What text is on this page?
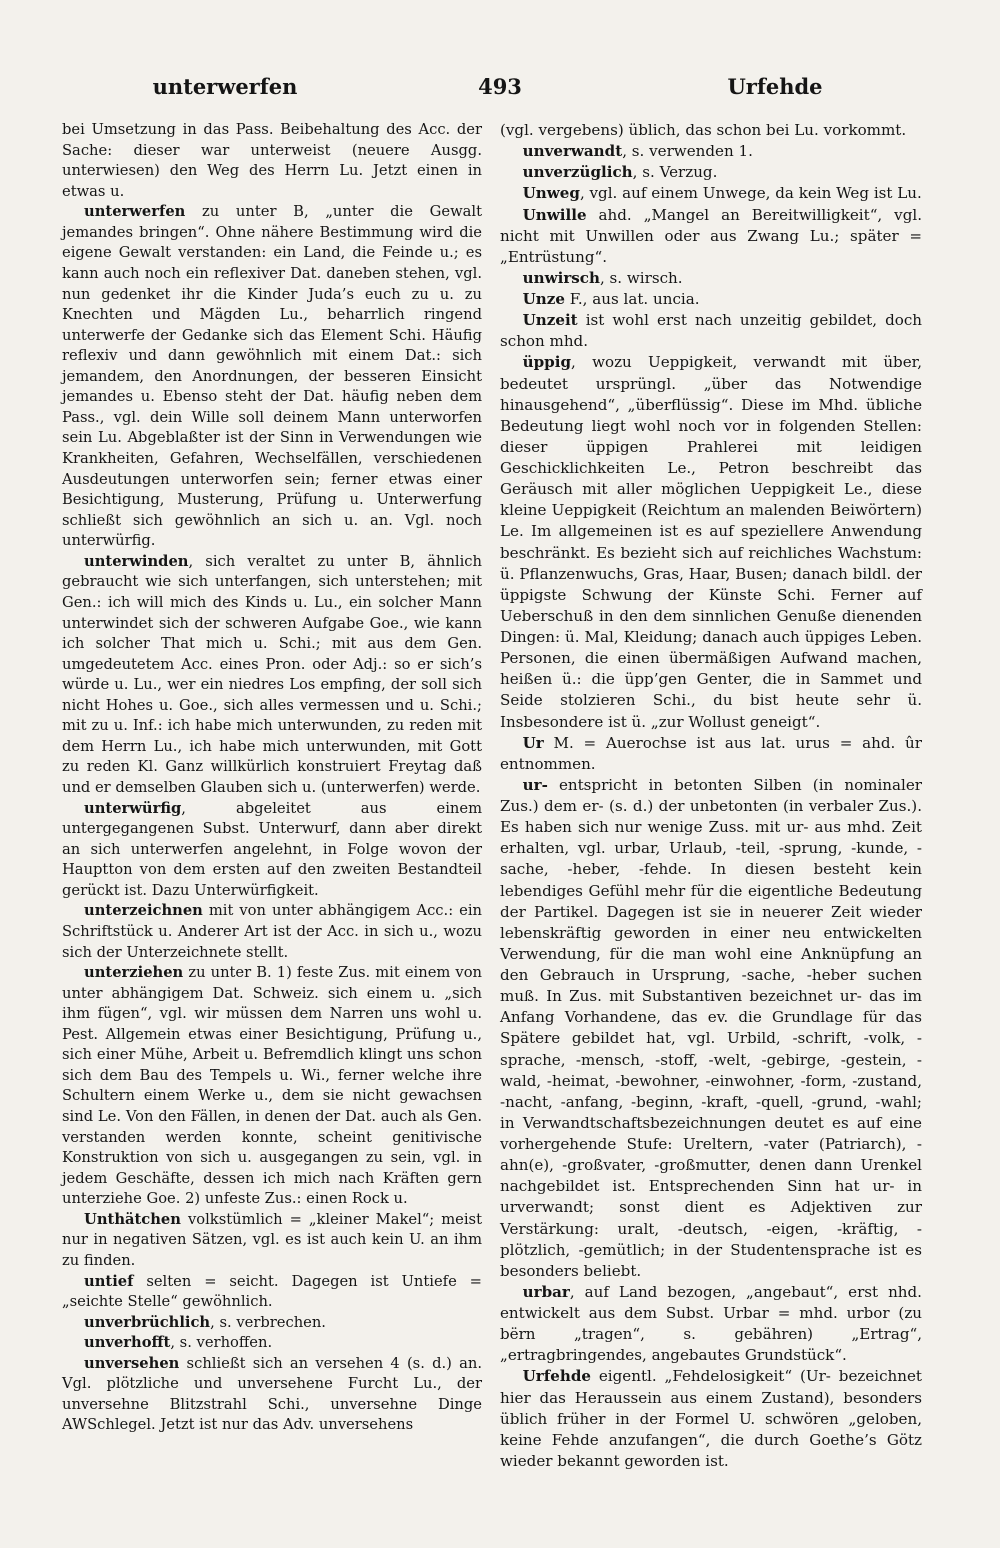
unterwerfen	493	Urfehde

bei Umsetzung in das Pass. Beibehaltung des Acc. der Sache: dieser war unterweist (neuere Ausgg. unterwiesen) den Weg des Herrn Lu. Jetzt einen in etwas u.

unterwerfen zu unter B, „unter die Gewalt jemandes bringen“. Ohne nähere Bestimmung wird die eigene Gewalt verstanden: ein Land, die Feinde u.; es kann auch noch ein reflexiver Dat. daneben stehen, vgl. nun gedenket ihr die Kinder Juda’s euch zu u. zu Knechten und Mägden Lu., beharrlich ringend unterwerfe der Gedanke sich das Element Schi. Häufig reflexiv und dann gewöhnlich mit einem Dat.: sich jemandem, den Anordnungen, der besseren Einsicht jemandes u. Ebenso steht der Dat. häufig neben dem Pass., vgl. dein Wille soll deinem Mann unterworfen sein Lu. Abgeblaßter ist der Sinn in Verwendungen wie Krankheiten, Gefahren, Wechselfällen, verschiedenen Ausdeutungen unterworfen sein; ferner etwas einer Besichtigung, Musterung, Prüfung u. Unterwerfung schließt sich gewöhnlich an sich u. an. Vgl. noch unterwürfig.

unterwinden, sich veraltet zu unter B, ähnlich gebraucht wie sich unterfangen, sich unterstehen; mit Gen.: ich will mich des Kinds u. Lu., ein solcher Mann unterwindet sich der schweren Aufgabe Goe., wie kann ich solcher That mich u. Schi.; mit aus dem Gen. umgedeutetem Acc. eines Pron. oder Adj.: so er sich’s würde u. Lu., wer ein niedres Los empfing, der soll sich nicht Hohes u. Goe., sich alles vermessen und u. Schi.; mit zu u. Inf.: ich habe mich unterwunden, zu reden mit dem Herrn Lu., ich habe mich unterwunden, mit Gott zu reden Kl. Ganz willkürlich konstruiert Freytag daß und er demselben Glauben sich u. (unterwerfen) werde.

unterwürfig, abgeleitet aus einem untergegangenen Subst. Unterwurf, dann aber direkt an sich unterwerfen angelehnt, in Folge wovon der Hauptton von dem ersten auf den zweiten Bestandteil gerückt ist. Dazu Unterwürfigkeit.

unterzeichnen mit von unter abhängigem Acc.: ein Schriftstück u. Anderer Art ist der Acc. in sich u., wozu sich der Unterzeichnete stellt.

unterziehen zu unter B. 1) feste Zus. mit einem von unter abhängigem Dat. Schweiz. sich einem u. „sich ihm fügen“, vgl. wir müssen dem Narren uns wohl u. Pest. Allgemein etwas einer Besichtigung, Prüfung u., sich einer Mühe, Arbeit u. Befremdlich klingt uns schon sich dem Bau des Tempels u. Wi., ferner welche ihre Schultern einem Werke u., dem sie nicht gewachsen sind Le. Von den Fällen, in denen der Dat. auch als Gen. verstanden werden konnte, scheint genitivische Konstruktion von sich u. ausgegangen zu sein, vgl. in jedem Geschäfte, dessen ich mich nach Kräften gern unterziehe Goe. 2) unfeste Zus.: einen Rock u.

Unthätchen volkstümlich = „kleiner Makel“; meist nur in negativen Sätzen, vgl. es ist auch kein U. an ihm zu finden.

untief selten = seicht. Dagegen ist Untiefe = „seichte Stelle“ gewöhnlich.

unverbrüchlich, s. verbrechen.

unverhofft, s. verhoffen.

unversehen schließt sich an versehen 4 (s. d.) an. Vgl. plötzliche und unversehene Furcht Lu., der unversehne Blitzstrahl Schi., unversehne Dinge AWSchlegel. Jetzt ist nur das Adv. unversehens

(vgl. vergebens) üblich, das schon bei Lu. vorkommt.

unverwandt, s. verwenden 1.

unverzüglich, s. Verzug.

Unweg, vgl. auf einem Unwege, da kein Weg ist Lu.

Unwille ahd. „Mangel an Bereitwilligkeit“, vgl. nicht mit Unwillen oder aus Zwang Lu.; später = „Entrüstung“.

unwirsch, s. wirsch.

Unze F., aus lat. uncia.

Unzeit ist wohl erst nach unzeitig gebildet, doch schon mhd.

üppig, wozu Ueppigkeit, verwandt mit über, bedeutet ursprüngl. „über das Notwendige hinausgehend“, „überflüssig“. Diese im Mhd. übliche Bedeutung liegt wohl noch vor in folgenden Stellen: dieser üppigen Prahlerei mit leidigen Geschicklichkeiten Le., Petron beschreibt das Geräusch mit aller möglichen Ueppigkeit Le., diese kleine Ueppigkeit (Reichtum an malenden Beiwörtern) Le. Im allgemeinen ist es auf speziellere Anwendung beschränkt. Es bezieht sich auf reichliches Wachstum: ü. Pflanzenwuchs, Gras, Haar, Busen; danach bildl. der üppigste Schwung der Künste Schi. Ferner auf Ueberschuß in den dem sinnlichen Genuße dienenden Dingen: ü. Mal, Kleidung; danach auch üppiges Leben. Personen, die einen übermäßigen Aufwand machen, heißen ü.: die üpp’gen Genter, die in Sammet und Seide stolzieren Schi., du bist heute sehr ü. Insbesondere ist ü. „zur Wollust geneigt“.

Ur M. = Auerochse ist aus lat. urus = ahd. ûr entnommen.

ur- entspricht in betonten Silben (in nominaler Zus.) dem er- (s. d.) der unbetonten (in verbaler Zus.). Es haben sich nur wenige Zuss. mit ur- aus mhd. Zeit erhalten, vgl. urbar, Urlaub, -teil, -sprung, -kunde, -sache, -heber, -fehde. In diesen besteht kein lebendiges Gefühl mehr für die eigentliche Bedeutung der Partikel. Dagegen ist sie in neuerer Zeit wieder lebenskräftig geworden in einer neu entwickelten Verwendung, für die man wohl eine Anknüpfung an den Gebrauch in Ursprung, -sache, -heber suchen muß. In Zus. mit Substantiven bezeichnet ur- das im Anfang Vorhandene, das ev. die Grundlage für das Spätere gebildet hat, vgl. Urbild, -schrift, -volk, -sprache, -mensch, -stoff, -welt, -gebirge, -gestein, -wald, -heimat, -bewohner, -einwohner, -form, -zustand, -nacht, -anfang, -beginn, -kraft, -quell, -grund, -wahl; in Verwandtschaftsbezeichnungen deutet es auf eine vorhergehende Stufe: Ureltern, -vater (Patriarch), -ahn(e), -großvater, -großmutter, denen dann Urenkel nachgebildet ist. Entsprechenden Sinn hat ur- in urverwandt; sonst dient es Adjektiven zur Verstärkung: uralt, -deutsch, -eigen, -kräftig, -plötzlich, -gemütlich; in der Studentensprache ist es besonders beliebt.

urbar, auf Land bezogen, „angebaut“, erst nhd. entwickelt aus dem Subst. Urbar = mhd. urbor (zu bërn „tragen“, s. gebähren) „Ertrag“, „ertragbringendes, angebautes Grundstück“.

Urfehde eigentl. „Fehdelosigkeit“ (Ur- bezeichnet hier das Heraussein aus einem Zustand), besonders üblich früher in der Formel U. schwören „geloben, keine Fehde anzufangen“, die durch Goethe’s Götz wieder bekannt geworden ist.
